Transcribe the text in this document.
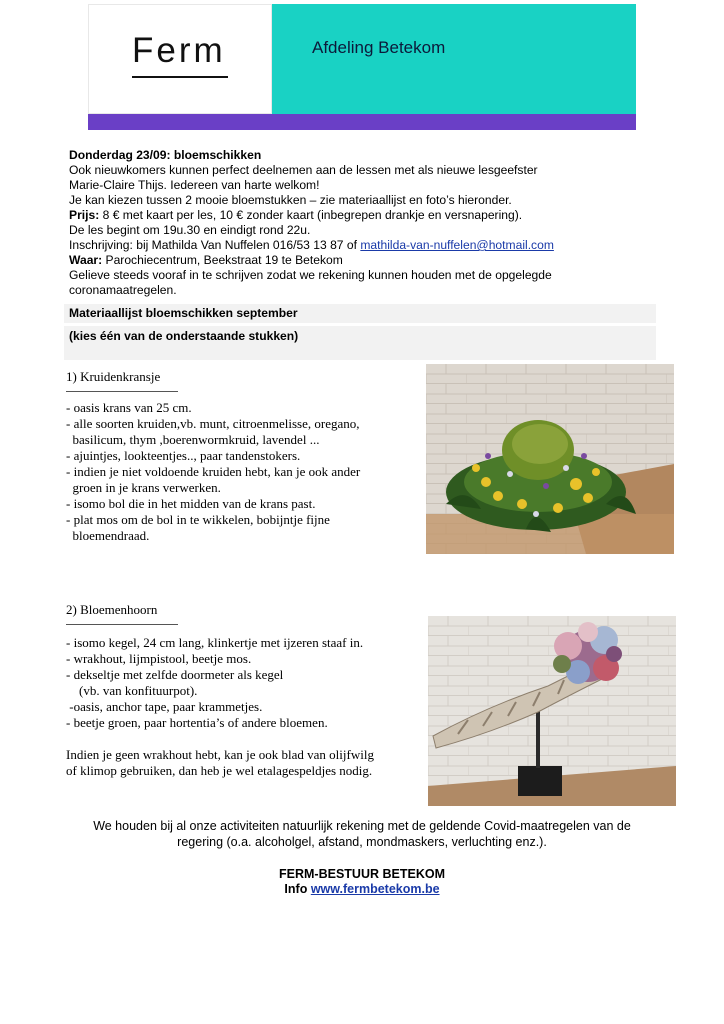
Ferm	Afdeling Betekom
Donderdag 23/09: bloemschikken
Ook nieuwkomers kunnen perfect deelnemen aan de lessen met als nieuwe lesgeefster
Marie-Claire Thijs. Iedereen van harte welkom!
Je kan kiezen tussen 2 mooie bloemstukken – zie materiaallijst en foto’s hieronder.
Prijs: 8 € met kaart per les, 10 € zonder kaart (inbegrepen drankje en versnapering).
De les begint om 19u.30 en eindigt rond 22u.
Inschrijving: bij Mathilda Van Nuffelen 016/53 13 87 of mathilda-van-nuffelen@hotmail.com
Waar: Parochiecentrum, Beekstraat 19 te Betekom
Gelieve steeds vooraf in te schrijven zodat we rekening kunnen houden met de opgelegde
coronamaatregelen.
Materiaallijst bloemschikken september
(kies één van de onderstaande stukken)
1) Kruidenkransje
- oasis krans van 25 cm.
- alle soorten kruiden,vb. munt, citroenmelisse, oregano,
basilicum, thym ,boerenwormkruid, lavendel ...
- ajuintjes, lookteentjes.., paar tandenstokers.
- indien je niet voldoende kruiden hebt, kan je ook ander
groen in je krans verwerken.
- isomo bol die in het midden van de krans past.
- plat mos om de bol in te wikkelen, bobijntje fijne
bloemendraad.
2) Bloemenhoorn
- isomo kegel, 24 cm lang, klinkertje met ijzeren staaf in.
- wrakhout, lijmpistool, beetje mos.
- dekseltje met zelfde doormeter als kegel
(vb. van konfituurpot).
-oasis, anchor tape, paar krammetjes.
- beetje groen, paar hortentia’s of andere bloemen.
Indien je geen wrakhout hebt, kan je ook blad van olijfwilg
of klimop gebruiken, dan heb je wel etalagespeldjes nodig.
We houden bij al onze activiteiten natuurlijk rekening met de geldende Covid-maatregelen van de
regering (o.a. alcoholgel, afstand, mondmaskers, verluchting enz.).
FERM-BESTUUR BETEKOM
Info www.fermbetekom.be
